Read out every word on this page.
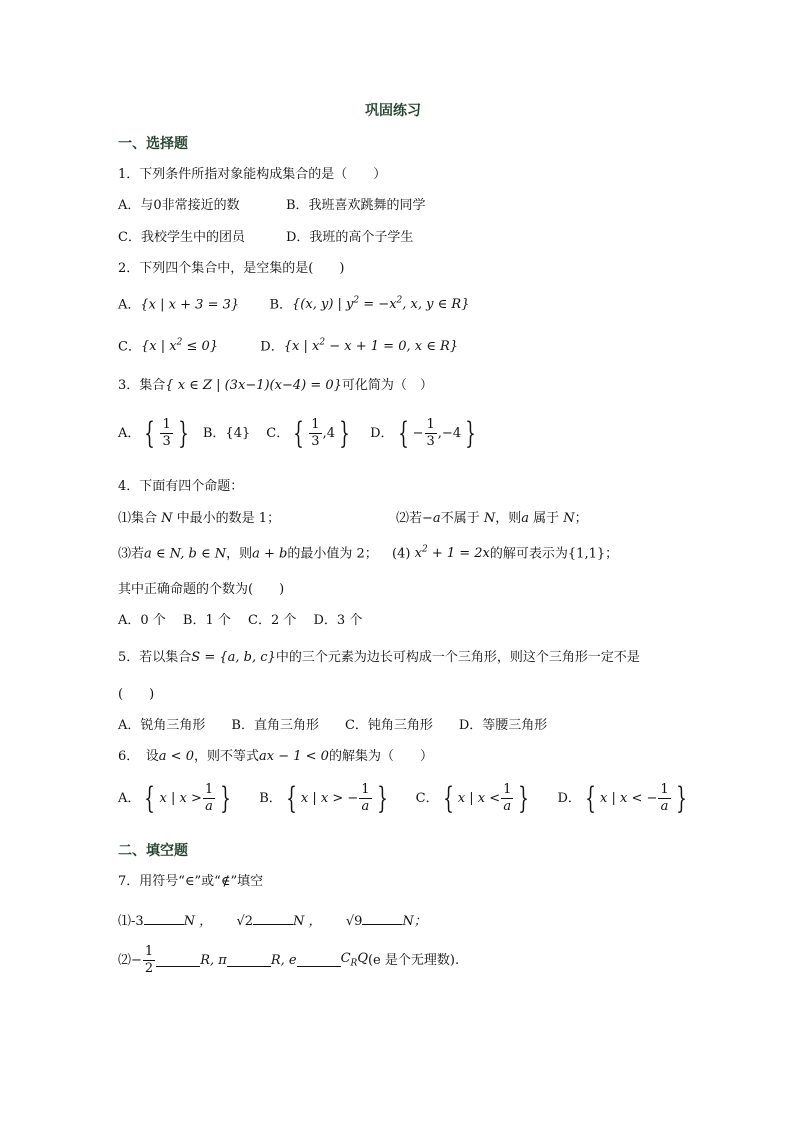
巩固练习
一、选择题
1．下列条件所指对象能构成集合的是（　　）
A．与0非常接近的数	B．我班喜欢跳舞的同学
C．我校学生中的团员	D．我班的高个子学生
2．下列四个集合中，是空集的是(　　)
A．{x | x + 3 = 3} B．{(x, y) | $y^2 = -x^2$, x, y ∈ R}
C．{x | $x^2 \le 0$}	D．{x | $x^2 - x + 1 = 0$, x ∈ R}
3．集合{ x ∈ Z | (3x−1)(x−4) = 0}可化简为（　）
A． { $\frac{1}{3}$ } B． {4} C． { $\frac{1}{3} ,4$ } D． { − $\frac{1}{3} ,-4$ }
4．下面有四个命题：
⑴集合 N 中最小的数是 1；	⑵若−a不属于 N，则a 属于 N；
⑶若a ∈ N, b ∈ N，则a + b的最小值为 2； (4) $x^2 + 1 = 2x$的解可表示为{1,1}；
其中正确命题的个数为(　　)
A．0 个　 B．1 个　 C．2 个　 D．3 个
5．若以集合S = {a, b, c}中的三个元素为边长可构成一个三角形，则这个三角形一定不是
(　　)
A．锐角三角形　　B．直角三角形　　C．钝角三角形　　D．等腰三角形
6．　设a < 0，则不等式ax − 1 < 0的解集为（　　）
A． { x | $x > \frac{1}{a}$ } B． { x | x > − $\frac{1}{a}$ } C． { x | $x < \frac{1}{a}$ } D． { x | x < − $\frac{1}{a}$ }
二、填空题
7．用符号“∈”或“∉”填空
⑴-3	N ， √2	N ， √9	N；
⑵ − $\frac{1}{2}$	R, π	R, e	$C_RQ$ (e 是个无理数).
